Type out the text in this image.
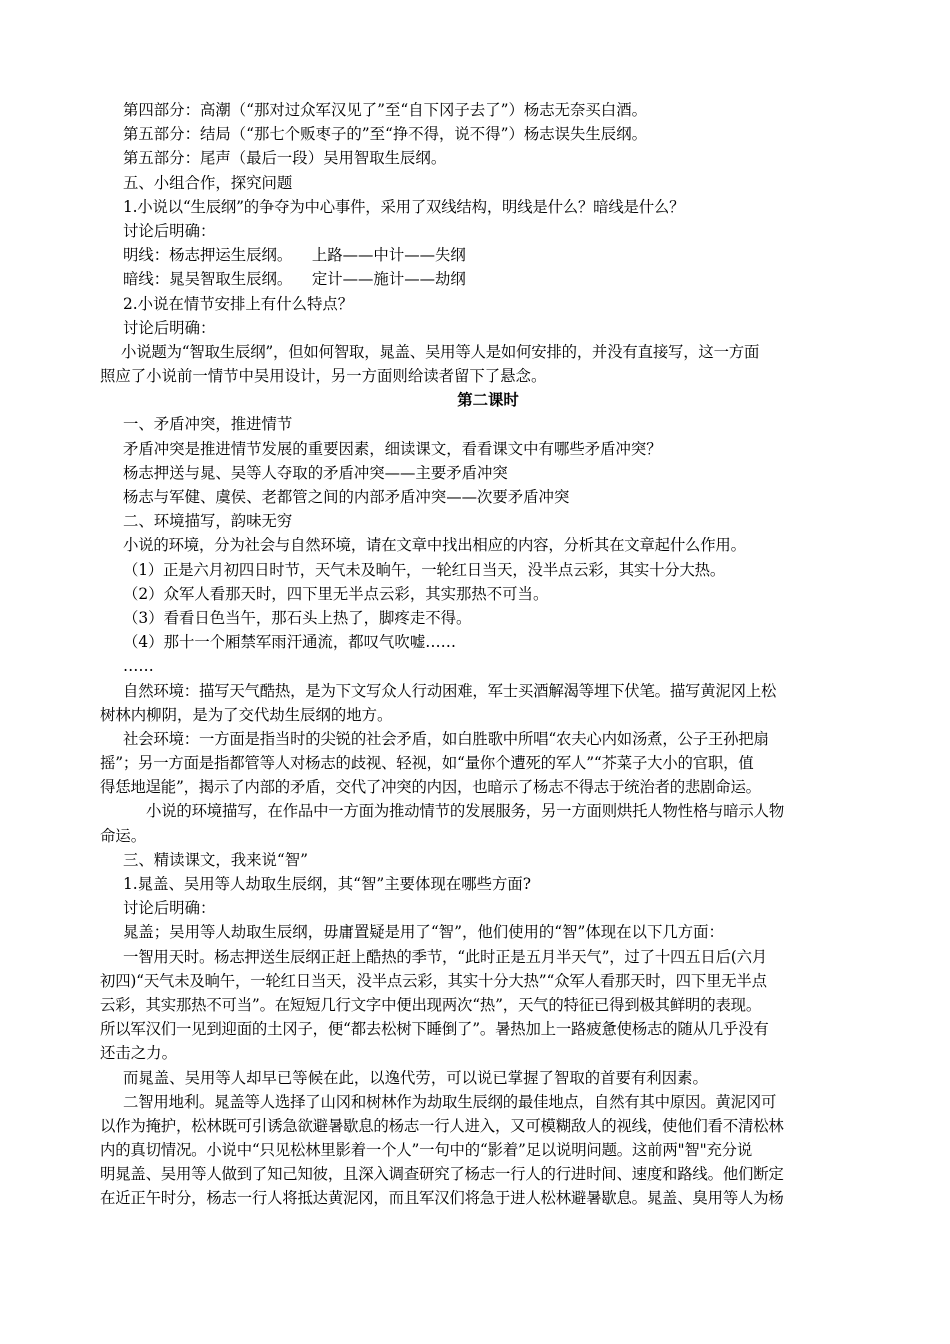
第四部分：高潮（“那对过众军汉见了”至“自下冈子去了”）杨志无奈买白酒。
第五部分：结局（“那七个贩枣子的”至“挣不得，说不得”）杨志误失生辰纲。
第五部分：尾声（最后一段）吴用智取生辰纲。
五、小组合作，探究问题
1.小说以“生辰纲”的争夺为中心事件，采用了双线结构，明线是什么？暗线是什么？
讨论后明确：
明线：杨志押运生辰纲。    上路——中计——失纲
暗线：晁吴智取生辰纲。    定计——施计——劫纲
2.小说在情节安排上有什么特点？
讨论后明确：
小说题为“智取生辰纲”，但如何智取，晁盖、吴用等人是如何安排的，并没有直接写，这一方面
照应了小说前一情节中吴用设计，另一方面则给读者留下了悬念。
第二课时
一、矛盾冲突，推进情节
矛盾冲突是推进情节发展的重要因素，细读课文，看看课文中有哪些矛盾冲突？
杨志押送与晁、吴等人夺取的矛盾冲突——主要矛盾冲突
杨志与军健、虞侯、老都管之间的内部矛盾冲突——次要矛盾冲突
二、环境描写，韵味无穷
小说的环境，分为社会与自然环境，请在文章中找出相应的内容，分析其在文章起什么作用。
（1）正是六月初四日时节，天气未及晌午，一轮红日当天，没半点云彩，其实十分大热。
（2）众军人看那天时，四下里无半点云彩，其实那热不可当。
（3）看看日色当午，那石头上热了，脚疼走不得。
（4）那十一个厢禁军雨汗通流，都叹气吹嘘……
……
自然环境：描写天气酷热，是为下文写众人行动困难，军士买酒解渴等埋下伏笔。描写黄泥冈上松
树林内柳阴，是为了交代劫生辰纲的地方。
社会环境：一方面是指当时的尖锐的社会矛盾，如白胜歌中所唱“农夫心内如汤煮，公子王孙把扇
摇”；另一方面是指都管等人对杨志的歧视、轻视，如“量你个遭死的军人”“芥菜子大小的官职，值
得恁地逞能”，揭示了内部的矛盾，交代了冲突的内因，也暗示了杨志不得志于统治者的悲剧命运。
小说的环境描写，在作品中一方面为推动情节的发展服务，另一方面则烘托人物性格与暗示人物
命运。
三、精读课文，我来说“智”
1.晁盖、吴用等人劫取生辰纲，其“智”主要体现在哪些方面?
讨论后明确：
晁盖；吴用等人劫取生辰纲，毋庸置疑是用了“智”，他们使用的“智”体现在以下几方面：
一智用天时。杨志押送生辰纲正赶上酷热的季节，“此时正是五月半天气”，过了十四五日后(六月
初四)“天气未及晌午，一轮红日当天，没半点云彩，其实十分大热”“众军人看那天时，四下里无半点
云彩，其实那热不可当”。在短短几行文字中便出现两次“热”，天气的特征已得到极其鲜明的表现。
所以军汉们一见到迎面的土冈子，便“都去松树下睡倒了”。暑热加上一路疲惫使杨志的随从几乎没有
还击之力。
而晁盖、吴用等人却早已等候在此，以逸代劳，可以说已掌握了智取的首要有利因素。
二智用地利。晁盖等人选择了山冈和树林作为劫取生辰纲的最佳地点，自然有其中原因。黄泥冈可
以作为掩护，松林既可引诱急欲避暑歇息的杨志一行人进入，又可模糊敌人的视线，使他们看不清松林
内的真切情况。小说中“只见松林里影着一个人”一句中的“影着”足以说明问题。这前两"智"充分说
明晁盖、吴用等人做到了知己知彼，且深入调查研究了杨志一行人的行进时间、速度和路线。他们断定
在近正午时分，杨志一行人将抵达黄泥冈，而且军汉们将急于进人松林避暑歇息。晁盖、臭用等人为杨
